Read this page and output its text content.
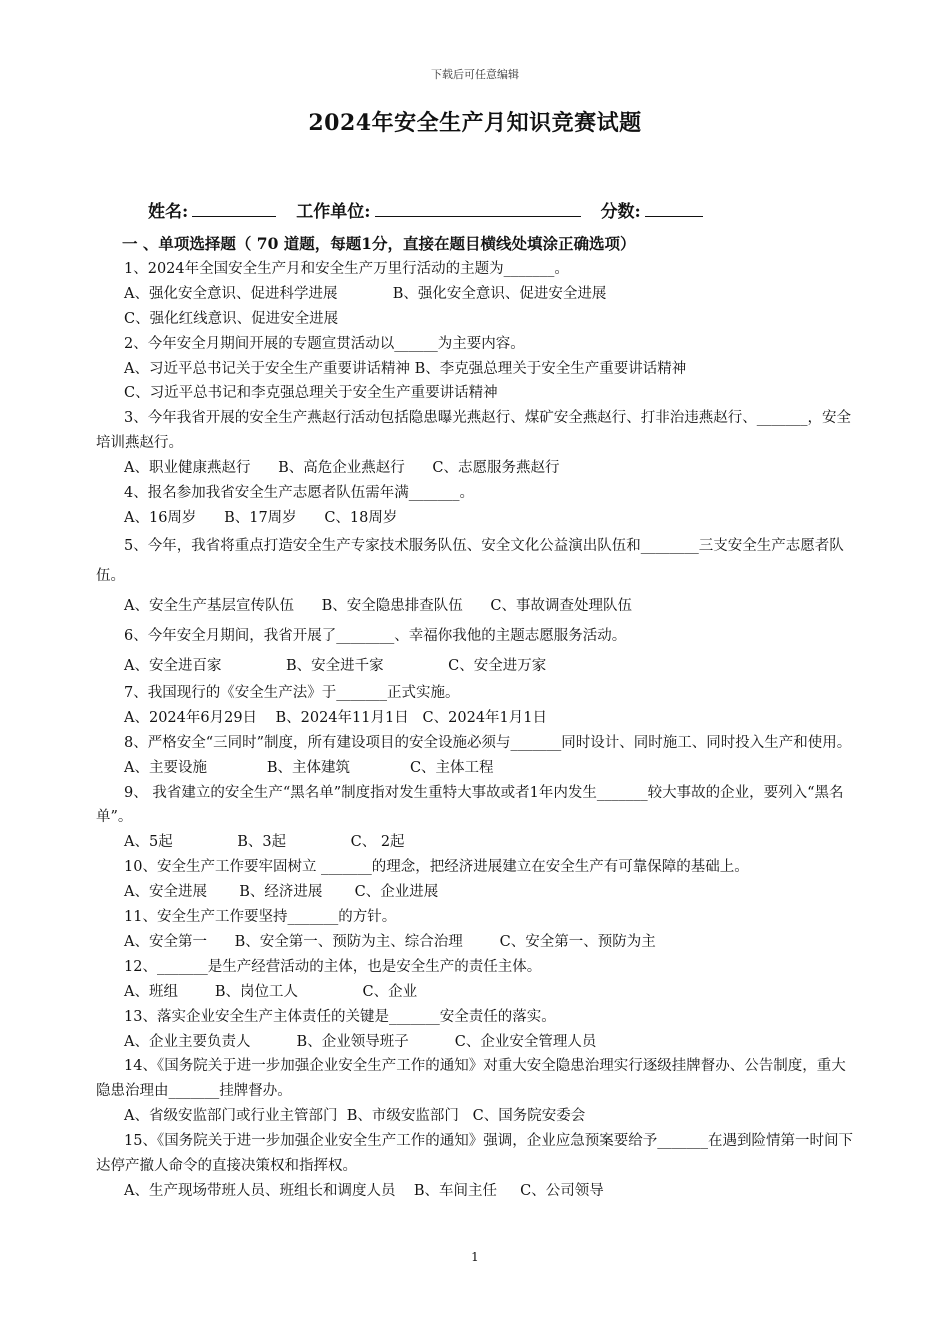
下载后可任意编辑
2024年安全生产月知识竞赛试题
姓名:	工作单位:	分数:
一 、单项选择题（ 70 道题，每题1分，直接在题目横线处填涂正确选项）

1、2024年全国安全生产月和安全生产万里行活动的主题为_______。

A、强化安全意识、促进科学进展            B、强化安全意识、促进安全进展

C、强化红线意识、促进安全进展

2、今年安全月期间开展的专题宣贯活动以______为主要内容。

A、习近平总书记关于安全生产重要讲话精神 B、李克强总理关于安全生产重要讲话精神

C、习近平总书记和李克强总理关于安全生产重要讲话精神

3、今年我省开展的安全生产燕赵行活动包括隐患曝光燕赵行、煤矿安全燕赵行、打非治违燕赵行、_______，安全培训燕赵行。

A、职业健康燕赵行      B、高危企业燕赵行      C、志愿服务燕赵行

4、报名参加我省安全生产志愿者队伍需年满_______。

A、16周岁      B、17周岁      C、18周岁

5、今年，我省将重点打造安全生产专家技术服务队伍、安全文化公益演出队伍和________三支安全生产志愿者队伍。

A、安全生产基层宣传队伍      B、安全隐患排查队伍      C、事故调查处理队伍

6、今年安全月期间，我省开展了________、幸福你我他的主题志愿服务活动。

A、安全进百家              B、安全进千家              C、安全进万家

7、我国现行的《安全生产法》于_______正式实施。

A、2024年6月29日    B、2024年11月1日   C、2024年1月1日

8、严格安全“三同时”制度，所有建设项目的安全设施必须与_______同时设计、同时施工、同时投入生产和使用。

A、主要设施             B、主体建筑             C、主体工程

9、 我省建立的安全生产“黑名单”制度指对发生重特大事故或者1年内发生_______较大事故的企业，要列入“黑名单”。

A、5起              B、3起              C、 2起

10、安全生产工作要牢固树立 _______的理念，把经济进展建立在安全生产有可靠保障的基础上。

A、安全进展       B、经济进展       C、企业进展

11、安全生产工作要坚持_______的方针。

A、安全第一      B、安全第一、预防为主、综合治理        C、安全第一、预防为主

12、_______是生产经营活动的主体，也是安全生产的责任主体。

A、班组        B、岗位工人              C、企业

13、落实企业安全生产主体责任的关键是_______安全责任的落实。

A、企业主要负责人          B、企业领导班子          C、企业安全管理人员

14、《国务院关于进一步加强企业安全生产工作的通知》对重大安全隐患治理实行逐级挂牌督办、公告制度，重大隐患治理由_______挂牌督办。

A、省级安监部门或行业主管部门  B、市级安监部门   C、国务院安委会

15、《国务院关于进一步加强企业安全生产工作的通知》强调，企业应急预案要给予_______在遇到险情第一时间下达停产撤人命令的直接决策权和指挥权。

A、生产现场带班人员、班组长和调度人员    B、车间主任     C、公司领导

1
